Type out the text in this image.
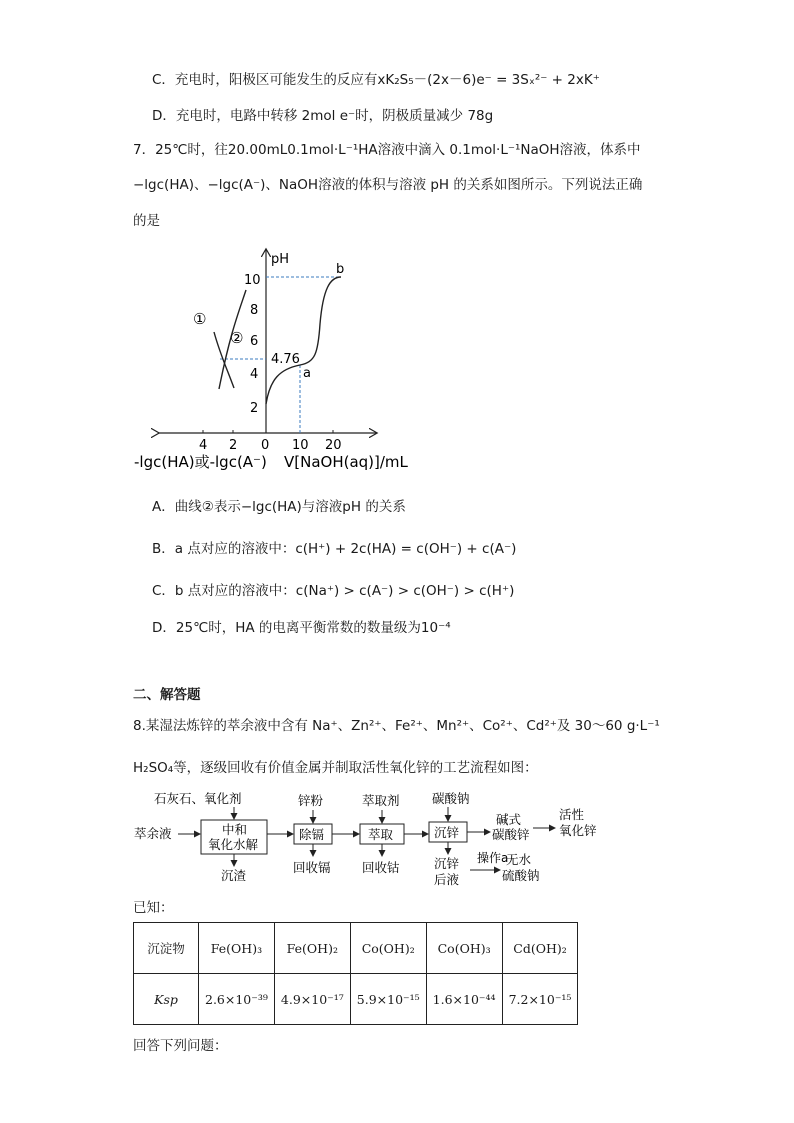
C．充电时，阳极区可能发生的反应有xK₂S₅－(2x－6)e⁻ = 3Sₓ²⁻ + 2xK⁺
D．充电时，电路中转移 2mol e⁻时，阴极质量减少 78g
7．25℃时，往20.00mL0.1mol·L⁻¹HA溶液中滴入 0.1mol·L⁻¹NaOH溶液，体系中
−lgc(HA)、−lgc(A⁻)、NaOH溶液的体积与溶液 pH 的关系如图所示。下列说法正确
的是
pH
2
4
6
8
10
4 2 0 10 20
①
②
4.76
a
b
-lgc(HA)或-lgc(A⁻) V[NaOH(aq)]/mL
A．曲线②表示−lgc(HA)与溶液pH 的关系
B．a 点对应的溶液中：c(H⁺) + 2c(HA) = c(OH⁻) + c(A⁻)
C．b 点对应的溶液中：c(Na⁺) > c(A⁻) > c(OH⁻) > c(H⁺)
D．25℃时，HA 的电离平衡常数的数量级为10⁻⁴
二、解答题
8.某湿法炼锌的萃余液中含有 Na⁺、Zn²⁺、Fe²⁺、Mn²⁺、Co²⁺、Cd²⁺及 30～60 g·L⁻¹
H₂SO₄等，逐级回收有价值金属并制取活性氧化锌的工艺流程如图：
石灰石、氧化剂	锌粉	萃取剂	碳酸钠
萃余液	中和
氧化水解
沉渣
除镉
回收镉
萃取
回收钴
沉锌
碱式
碳酸锌
活性
氧化锌
沉锌
后液
操作a
无水
硫酸钠
已知：
沉淀物	Fe(OH)₃	Fe(OH)₂	Co(OH)₂	Co(OH)₃	Cd(OH)₂
Ksp	2.6×10⁻³⁹	4.9×10⁻¹⁷	5.9×10⁻¹⁵	1.6×10⁻⁴⁴	7.2×10⁻¹⁵
回答下列问题：
